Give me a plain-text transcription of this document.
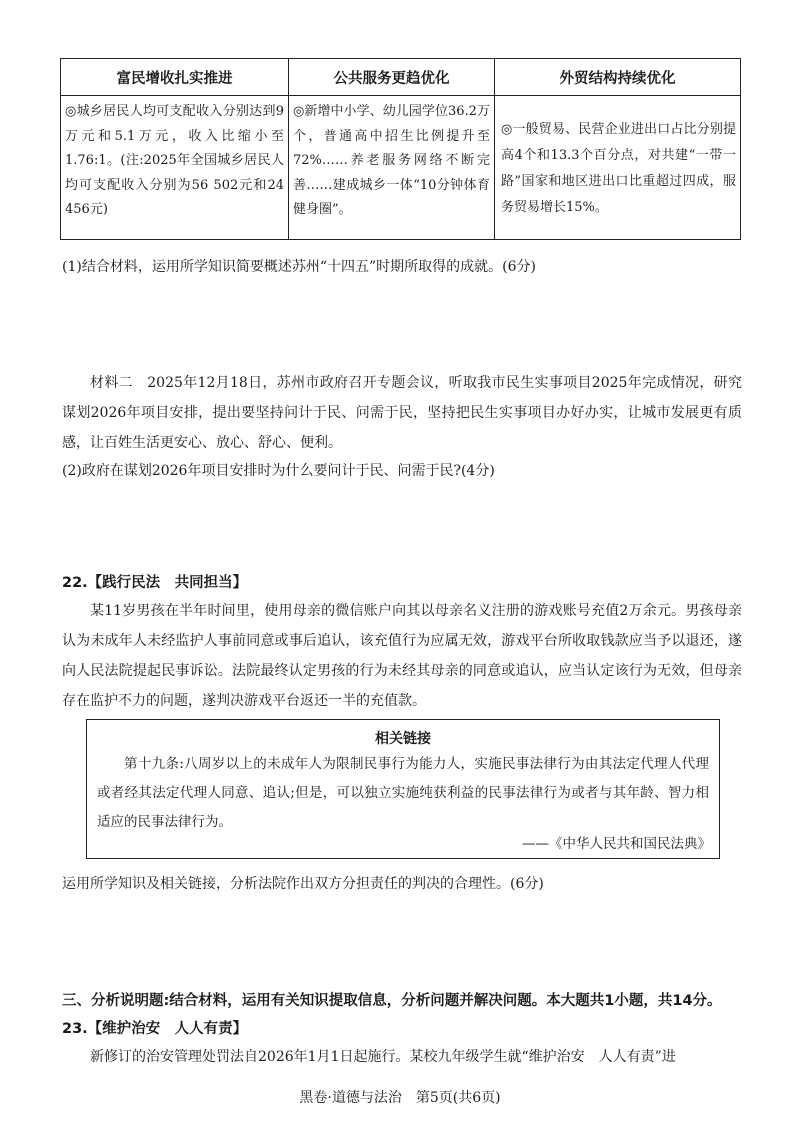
富民增收扎实推进	公共服务更趋优化	外贸结构持续优化
◎城乡居民人均可支配收入分别达到9万元和5.1万元，收入比缩小至1.76:1。(注:2025年全国城乡居民人均可支配收入分别为56 502元和24 456元)	◎新增中小学、幼儿园学位36.2万个，普通高中招生比例提升至72%……养老服务网络不断完善……建成城乡一体“10分钟体育健身圈”。	◎一般贸易、民营企业进出口占比分别提高4个和13.3个百分点，对共建“一带一路”国家和地区进出口比重超过四成，服务贸易增长15%。
(1)结合材料，运用所学知识简要概述苏州“十四五”时期所取得的成就。(6分)

材料二　2025年12月18日，苏州市政府召开专题会议，听取我市民生实事项目2025年完成情况，研究谋划2026年项目安排，提出要坚持问计于民、问需于民，坚持把民生实事项目办好办实，让城市发展更有质感，让百姓生活更安心、放心、舒心、便利。

(2)政府在谋划2026年项目安排时为什么要问计于民、问需于民?(4分)
22.【践行民法　共同担当】

某11岁男孩在半年时间里，使用母亲的微信账户向其以母亲名义注册的游戏账号充值2万余元。男孩母亲认为未成年人未经监护人事前同意或事后追认，该充值行为应属无效，游戏平台所收取钱款应当予以退还，遂向人民法院提起民事诉讼。法院最终认定男孩的行为未经其母亲的同意或追认，应当认定该行为无效，但母亲存在监护不力的问题，遂判决游戏平台返还一半的充值款。

相关链接
第十九条:八周岁以上的未成年人为限制民事行为能力人，实施民事法律行为由其法定代理人代理或者经其法定代理人同意、追认;但是，可以独立实施纯获利益的民事法律行为或者与其年龄、智力相适应的民事法律行为。
——《中华人民共和国民法典》
运用所学知识及相关链接，分析法院作出双方分担责任的判决的合理性。(6分)
三、分析说明题:结合材料，运用有关知识提取信息，分析问题并解决问题。本大题共1小题，共14分。
23.【维护治安　人人有责】

新修订的治安管理处罚法自2026年1月1日起施行。某校九年级学生就“维护治安　人人有责”进

黑卷·道德与法治　第5页(共6页)
